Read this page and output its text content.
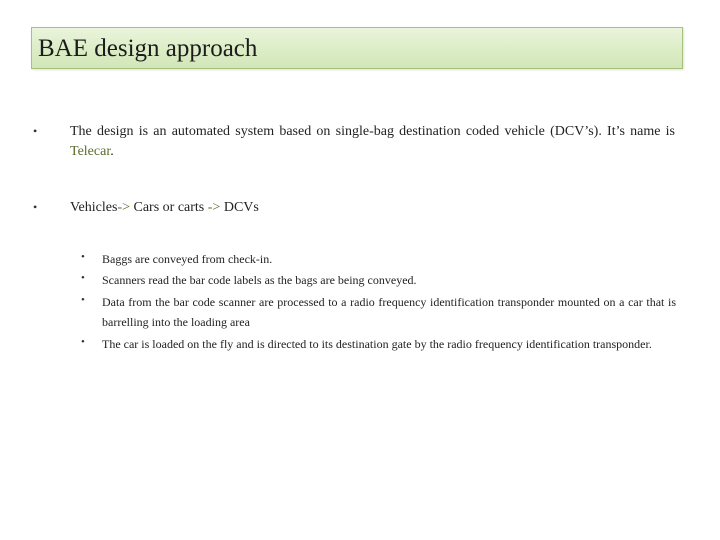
BAE design approach
• The design is an automated system based on single-bag destination coded vehicle (DCV’s). It’s name is Telecar.
• Vehicles-> Cars or carts -> DCVs
• Baggs are conveyed from check-in.
• Scanners read the bar code labels as the bags are being conveyed.
• Data from the bar code scanner are processed to a radio frequency identification transponder mounted on a car that is barrelling into the loading area
• The car is loaded on the fly and is directed to its destination gate by the radio frequency identification transponder.
